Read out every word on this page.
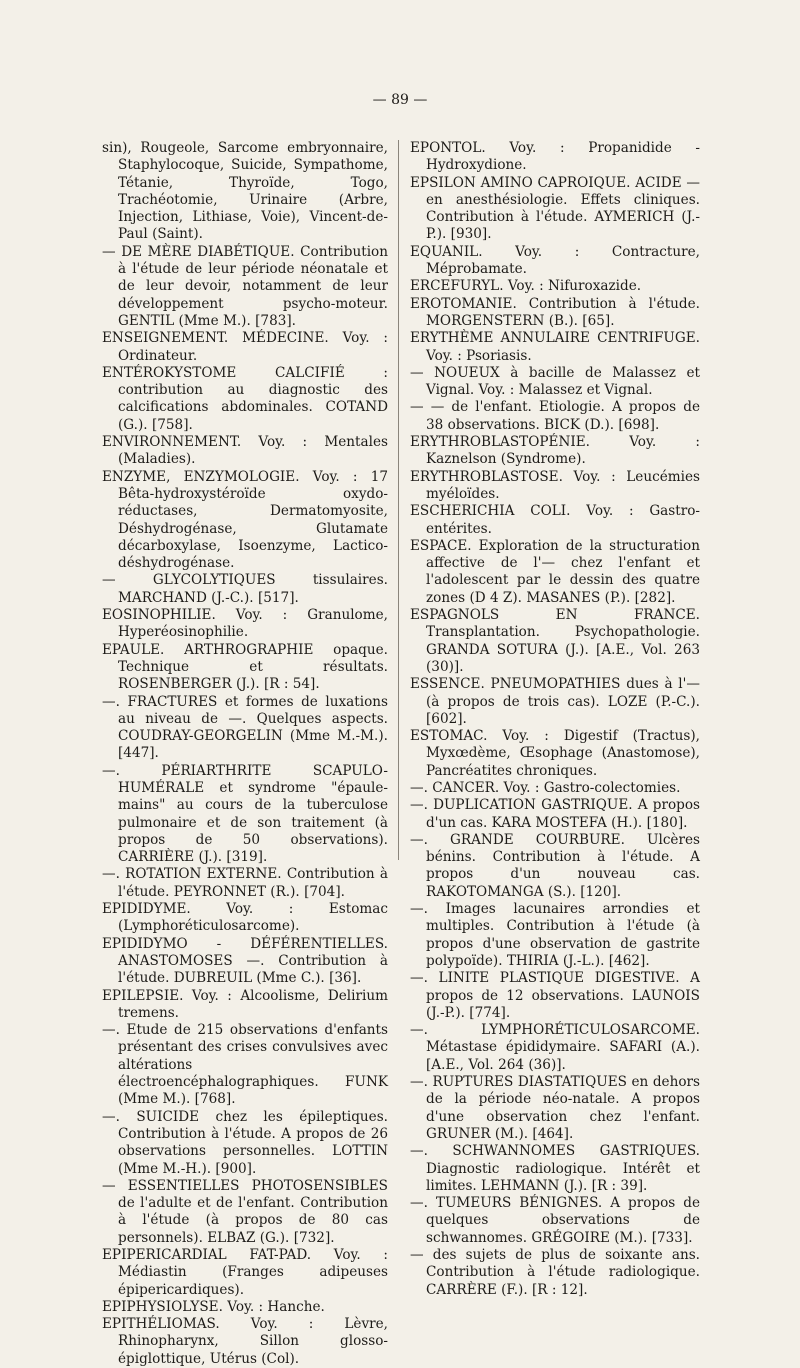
— 89 —

sin), Rougeole, Sarcome embryonnaire, Staphylocoque, Suicide, Sympathome, Tétanie, Thyroïde, Togo, Trachéotomie, Urinaire (Arbre, Injection, Lithiase, Voie), Vincent-de-Paul (Saint).

— DE MÈRE DIABÉTIQUE. Contribution à l'étude de leur période néonatale et de leur devoir, notamment de leur développement psycho-moteur. GENTIL (Mme M.). [783].

ENSEIGNEMENT. MÉDECINE. Voy. : Ordinateur.

ENTÉROKYSTOME CALCIFIÉ : contribution au diagnostic des calcifications abdominales. COTAND (G.). [758].

ENVIRONNEMENT. Voy. : Mentales (Maladies).

ENZYME, ENZYMOLOGIE. Voy. : 17 Bêta-hydroxystéroïde oxydo-réductases, Dermatomyosite, Déshydrogénase, Glutamate décarboxylase, Isoenzyme, Lactico-déshydrogénase.

— GLYCOLYTIQUES tissulaires. MARCHAND (J.-C.). [517].

EOSINOPHILIE. Voy. : Granulome, Hyperéosinophilie.

EPAULE. ARTHROGRAPHIE opaque. Technique et résultats. ROSENBERGER (J.). [R : 54].

—. FRACTURES et formes de luxations au niveau de —. Quelques aspects. COUDRAY-GEORGELIN (Mme M.-M.). [447].

—. PÉRIARTHRITE SCAPULO-HUMÉRALE et syndrome "épaule-mains" au cours de la tuberculose pulmonaire et de son traitement (à propos de 50 observations). CARRIÈRE (J.). [319].

—. ROTATION EXTERNE. Contribution à l'étude. PEYRONNET (R.). [704].

EPIDIDYME. Voy. : Estomac (Lymphoréticulosarcome).

EPIDIDYMO - DÉFÉRENTIELLES. ANASTOMOSES —. Contribution à l'étude. DUBREUIL (Mme C.). [36].

EPILEPSIE. Voy. : Alcoolisme, Delirium tremens.

—. Etude de 215 observations d'enfants présentant des crises convulsives avec altérations électroencéphalographiques. FUNK (Mme M.). [768].

—. SUICIDE chez les épileptiques. Contribution à l'étude. A propos de 26 observations personnelles. LOTTIN (Mme M.-H.). [900].

— ESSENTIELLES PHOTOSENSIBLES de l'adulte et de l'enfant. Contribution à l'étude (à propos de 80 cas personnels). ELBAZ (G.). [732].

EPIPERICARDIAL FAT-PAD. Voy. : Médiastin (Franges adipeuses épipericardiques).

EPIPHYSIOLYSE. Voy. : Hanche.

EPITHÉLIOMAS. Voy. : Lèvre, Rhinopharynx, Sillon glosso-épiglottique, Utérus (Col).

EPONTOL. Voy. : Propanidide - Hydroxydione.

EPSILON AMINO CAPROIQUE. ACIDE — en anesthésiologie. Effets cliniques. Contribution à l'étude. AYMERICH (J.-P.). [930].

EQUANIL. Voy. : Contracture, Méprobamate.

ERCEFURYL. Voy. : Nifuroxazide.

EROTOMANIE. Contribution à l'étude. MORGENSTERN (B.). [65].

ERYTHÈME ANNULAIRE CENTRIFUGE. Voy. : Psoriasis.

— NOUEUX à bacille de Malassez et Vignal. Voy. : Malassez et Vignal.

— — de l'enfant. Etiologie. A propos de 38 observations. BICK (D.). [698].

ERYTHROBLASTOPÉNIE. Voy. : Kaznelson (Syndrome).

ERYTHROBLASTOSE. Voy. : Leucémies myéloïdes.

ESCHERICHIA COLI. Voy. : Gastro-entérites.

ESPACE. Exploration de la structuration affective de l'— chez l'enfant et l'adolescent par le dessin des quatre zones (D 4 Z). MASANES (P.). [282].

ESPAGNOLS EN FRANCE. Transplantation. Psychopathologie. GRANDA SOTURA (J.). [A.E., Vol. 263 (30)].

ESSENCE. PNEUMOPATHIES dues à l'— (à propos de trois cas). LOZE (P.-C.). [602].

ESTOMAC. Voy. : Digestif (Tractus), Myxœdème, Œsophage (Anastomose), Pancréatites chroniques.

—. CANCER. Voy. : Gastro-colectomies.

—. DUPLICATION GASTRIQUE. A propos d'un cas. KARA MOSTEFA (H.). [180].

—. GRANDE COURBURE. Ulcères bénins. Contribution à l'étude. A propos d'un nouveau cas. RAKOTOMANGA (S.). [120].

—. Images lacunaires arrondies et multiples. Contribution à l'étude (à propos d'une observation de gastrite polypoïde). THIRIA (J.-L.). [462].

—. LINITE PLASTIQUE DIGESTIVE. A propos de 12 observations. LAUNOIS (J.-P.). [774].

—. LYMPHORÉTICULOSARCOME. Métastase épididymaire. SAFARI (A.). [A.E., Vol. 264 (36)].

—. RUPTURES DIASTATIQUES en dehors de la période néo-natale. A propos d'une observation chez l'enfant. GRUNER (M.). [464].

—. SCHWANNOMES GASTRIQUES. Diagnostic radiologique. Intérêt et limites. LEHMANN (J.). [R : 39].

—. TUMEURS BÉNIGNES. A propos de quelques observations de schwannomes. GRÉGOIRE (M.). [733].

— des sujets de plus de soixante ans. Contribution à l'étude radiologique. CARRÈRE (F.). [R : 12].
